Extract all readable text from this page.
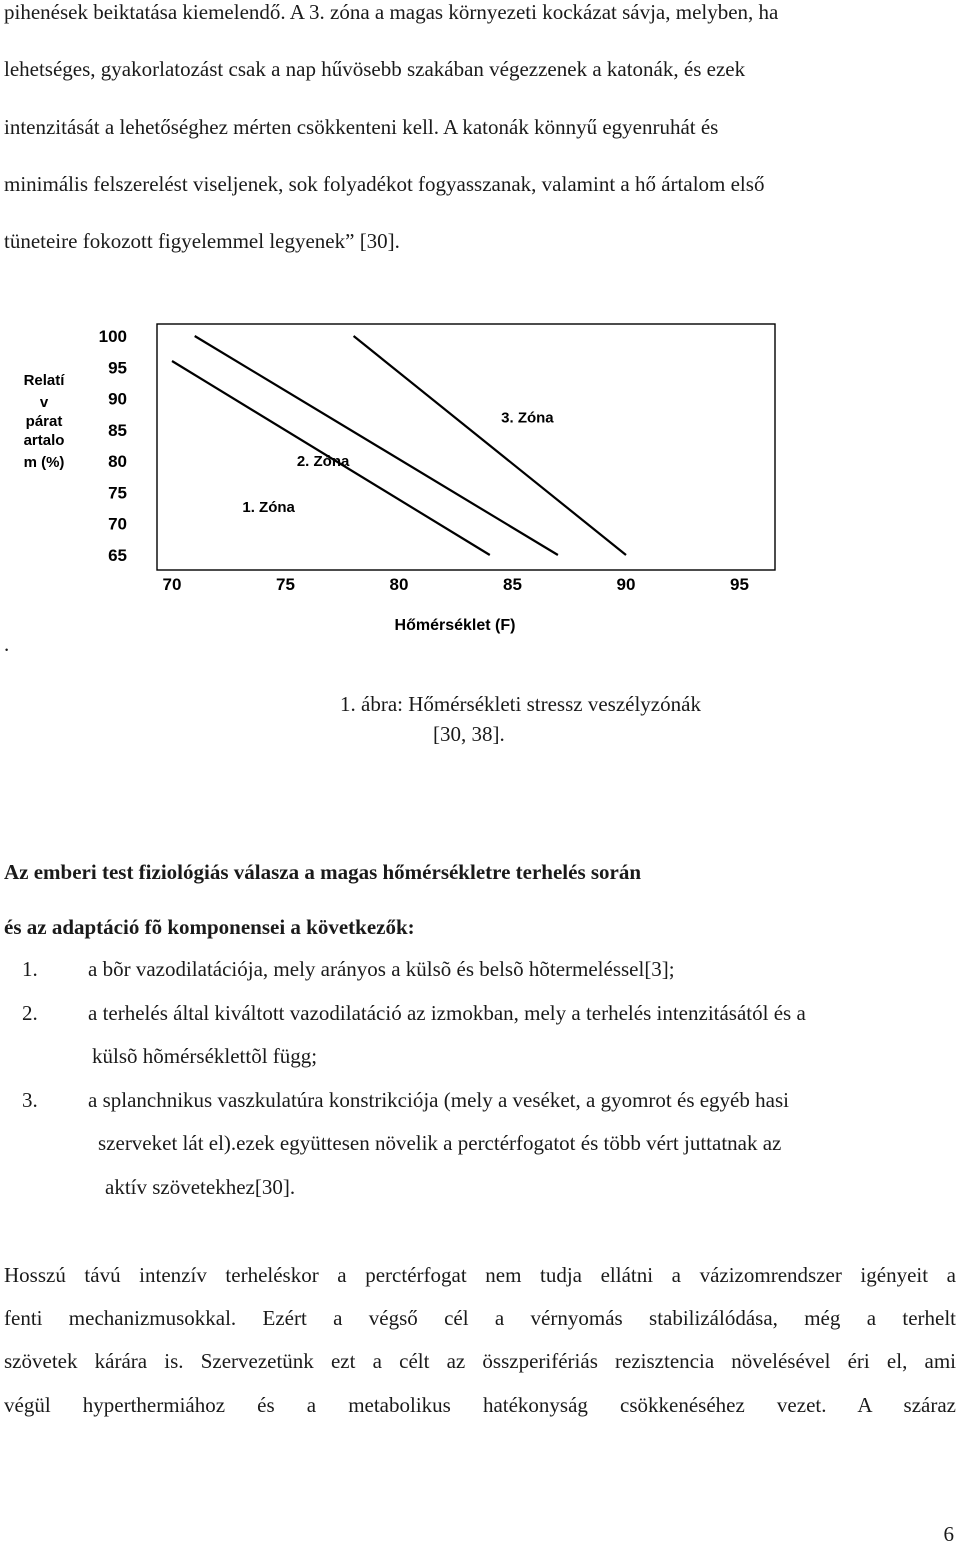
pihenések beiktatása kiemelendő. A 3. zóna a magas környezeti kockázat sávja, melyben, ha
lehetséges, gyakorlatozást csak a nap hűvösebb szakában végezzenek a katonák, és ezek
intenzitását a lehetőséghez mérten csökkenteni kell. A katonák könnyű egyenruhát és
minimális felszerelést viseljenek, sok folyadékot fogyasszanak, valamint a hő ártalom első
tüneteire fokozott figyelemmel legyenek” [30].
100
95
90
85
80
75
70
65
70	75	80	85	90	95
Relatí
v
párat
artalo
m (%)
Hőmérséklet (F)
1. Zóna
2. Zóna
3. Zóna
.
1. ábra: Hőmérsékleti stressz veszélyzónák
[30, 38].
Az emberi test fiziológiás válasza a magas hőmérsékletre terhelés során
és az adaptáció fõ komponensei a következők:
1. a bõr vazodilatációja, mely arányos a külsõ és belsõ hõtermeléssel[3];
2. a terhelés által kiváltott vazodilatáció az izmokban, mely a terhelés intenzitásától és a
külsõ hõmérséklettõl függ;
3. a splanchnikus vaszkulatúra konstrikciója (mely a veséket, a gyomrot és egyéb hasi
szerveket lát el).ezek együttesen növelik a perctérfogatot és több vért juttatnak az
aktív szövetekhez[30].
Hosszú távú intenzív terheléskor a perctérfogat nem tudja ellátni a vázizomrendszer igényeit a
fenti mechanizmusokkal. Ezért a végső cél a vérnyomás stabilizálódása, még a terhelt
szövetek kárára is. Szervezetünk ezt a célt az összperifériás rezisztencia növelésével éri el, ami
végül hyperthermiához és a metabolikus hatékonyság csökkenéséhez vezet. A száraz
6
